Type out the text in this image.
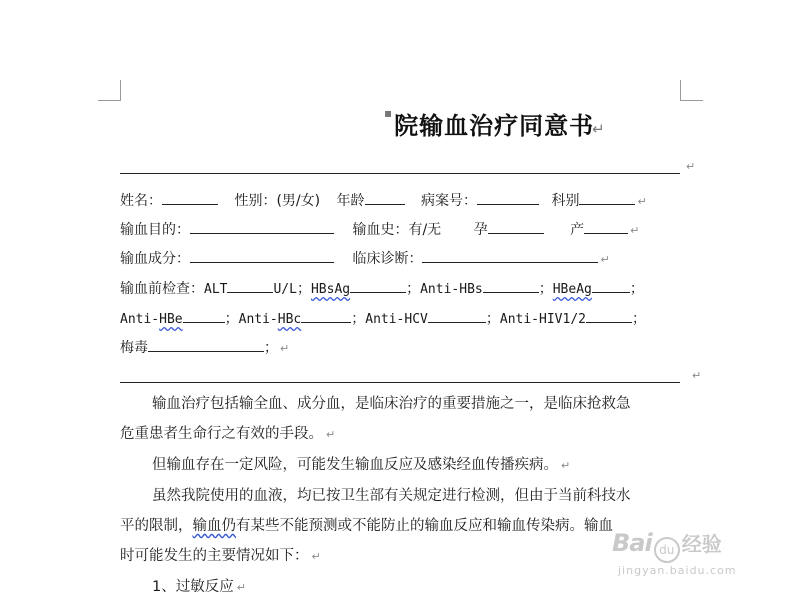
▪院输血治疗同意书↵
↵
姓名：	性别：(男/女) 年龄	病案号：	科别	↵
输血目的：	输血史：有/无 孕	产	↵
输血成分：	临床诊断：	↵
输血前检查：ALT	U/L；HBsAg	；Anti-HBs	；HBeAg	；
Anti-HBe	；Anti-HBc	；Anti-HCV	；Anti-HIV1/2	；
梅毒	； ↵
↵

输血治疗包括输全血、成分血，是临床治疗的重要措施之一，是临床抢救急

危重患者生命行之有效的手段。 ↵

但输血存在一定风险，可能发生输血反应及感染经血传播疾病。 ↵

虽然我院使用的血液，均已按卫生部有关规定进行检测，但由于当前科技水

平的限制，输血仍有某些不能预测或不能防止的输血反应和输血传染病。输血

时可能发生的主要情况如下： ↵

1、过敏反应 ↵

Bai du 经验
jingyan.baidu.com
